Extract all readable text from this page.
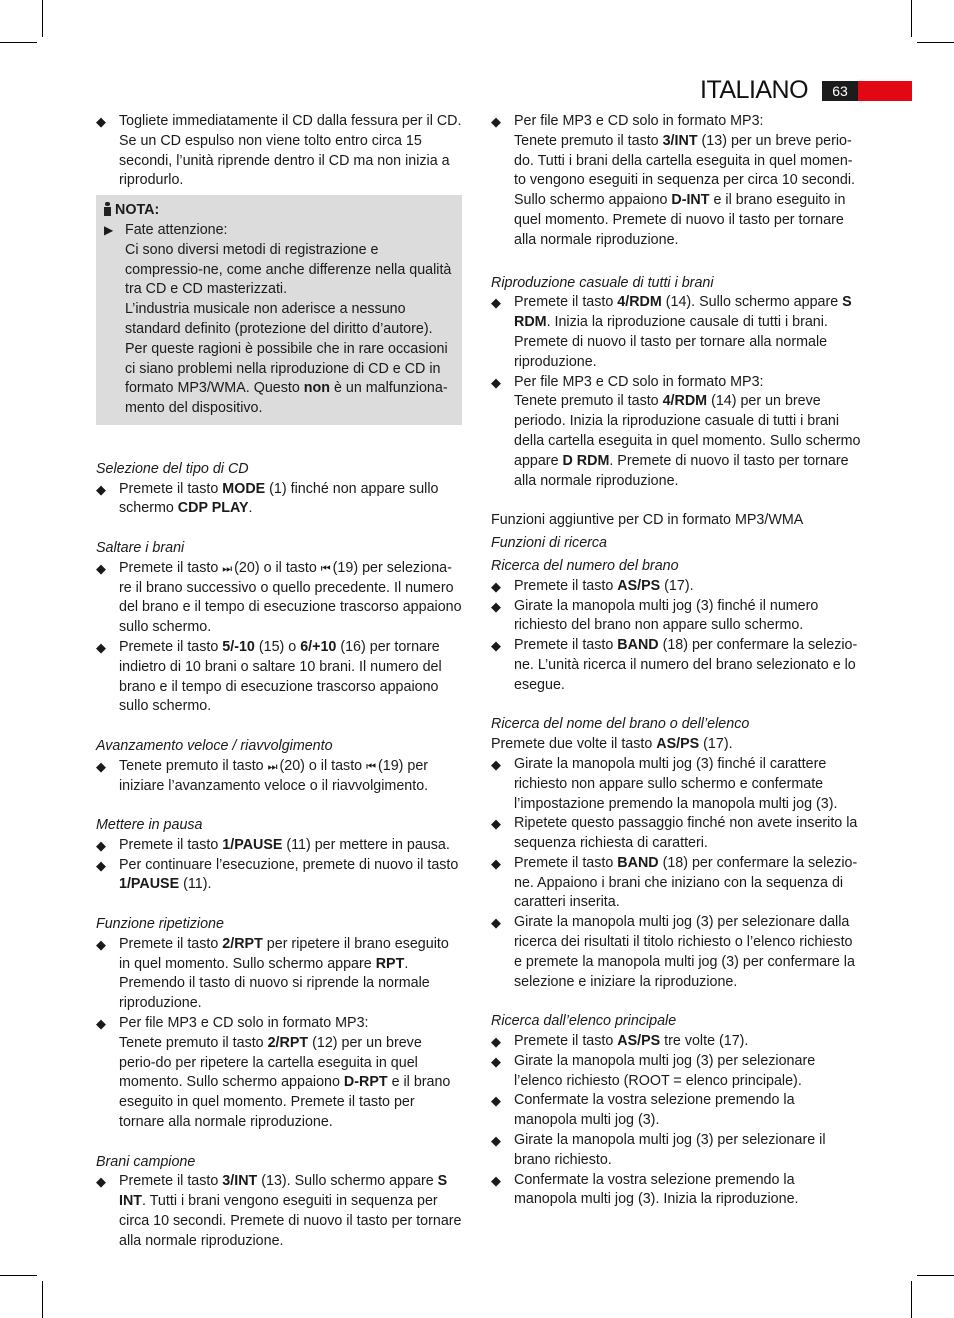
ITALIANO	63
◆ Togliete immediatamente il CD dalla fessura per il CD. Se un CD espulso non viene tolto entro circa 15 secondi, l’unità riprende dentro il CD ma non inizia a riprodurlo.
NOTA:
▶ Fate attenzione:
Ci sono diversi metodi di registrazione e compressio-ne, come anche differenze nella qualità tra CD e CD masterizzati.
L’industria musicale non aderisce a nessuno standard definito (protezione del diritto d’autore).
Per queste ragioni è possibile che in rare occasioni ci siano problemi nella riproduzione di CD e CD in formato MP3/WMA. Questo non è un malfunziona-mento del dispositivo.
Selezione del tipo di CD
◆ Premete il tasto MODE (1) finché non appare sullo schermo CDP PLAY.
Saltare i brani
◆ Premete il tasto ⏭ (20) o il tasto ⏮ (19) per seleziona-re il brano successivo o quello precedente. Il numero del brano e il tempo di esecuzione trascorso appaiono sullo schermo.
◆ Premete il tasto 5/-10 (15) o 6/+10 (16) per tornare indietro di 10 brani o saltare 10 brani. Il numero del brano e il tempo di esecuzione trascorso appaiono sullo schermo.
Avanzamento veloce / riavvolgimento
◆ Tenete premuto il tasto ⏭ (20) o il tasto ⏮ (19) per iniziare l’avanzamento veloce o il riavvolgimento.
Mettere in pausa
◆ Premete il tasto 1/PAUSE (11) per mettere in pausa.
◆ Per continuare l’esecuzione, premete di nuovo il tasto 1/PAUSE (11).
Funzione ripetizione
◆ Premete il tasto 2/RPT per ripetere il brano eseguito in quel momento. Sullo schermo appare RPT. Premendo il tasto di nuovo si riprende la normale riproduzione.
◆ Per file MP3 e CD solo in formato MP3:
Tenete premuto il tasto 2/RPT (12) per un breve perio-do per ripetere la cartella eseguita in quel momento. Sullo schermo appaiono D-RPT e il brano eseguito in quel momento. Premete il tasto per tornare alla normale riproduzione.
Brani campione
◆ Premete il tasto 3/INT (13). Sullo schermo appare S INT. Tutti i brani vengono eseguiti in sequenza per circa 10 secondi. Premete di nuovo il tasto per tornare alla normale riproduzione.
◆ Per file MP3 e CD solo in formato MP3:
Tenete premuto il tasto 3/INT (13) per un breve perio-do. Tutti i brani della cartella eseguita in quel momen-to vengono eseguiti in sequenza per circa 10 secondi. Sullo schermo appaiono D-INT e il brano eseguito in quel momento. Premete di nuovo il tasto per tornare alla normale riproduzione.
Riproduzione casuale di tutti i brani
◆ Premete il tasto 4/RDM (14). Sullo schermo appare S RDM. Inizia la riproduzione causale di tutti i brani. Premete di nuovo il tasto per tornare alla normale riproduzione.
◆ Per file MP3 e CD solo in formato MP3:
Tenete premuto il tasto 4/RDM (14) per un breve periodo. Inizia la riproduzione casuale di tutti i brani della cartella eseguita in quel momento. Sullo schermo appare D RDM. Premete di nuovo il tasto per tornare alla normale riproduzione.
Funzioni aggiuntive per CD in formato MP3/WMA
Funzioni di ricerca
Ricerca del numero del brano
◆ Premete il tasto AS/PS (17).
◆ Girate la manopola multi jog (3) finché il numero richiesto del brano non appare sullo schermo.
◆ Premete il tasto BAND (18) per confermare la selezio-ne. L’unità ricerca il numero del brano selezionato e lo esegue.
Ricerca del nome del brano o dell’elenco
Premete due volte il tasto AS/PS (17).
◆ Girate la manopola multi jog (3) finché il carattere richiesto non appare sullo schermo e confermate l’impostazione premendo la manopola multi jog (3).
◆ Ripetete questo passaggio finché non avete inserito la sequenza richiesta di caratteri.
◆ Premete il tasto BAND (18) per confermare la selezio-ne. Appaiono i brani che iniziano con la sequenza di caratteri inserita.
◆ Girate la manopola multi jog (3) per selezionare dalla ricerca dei risultati il titolo richiesto o l’elenco richiesto e premete la manopola multi jog (3) per confermare la selezione e iniziare la riproduzione.
Ricerca dall’elenco principale
◆ Premete il tasto AS/PS tre volte (17).
◆ Girate la manopola multi jog (3) per selezionare l’elenco richiesto (ROOT = elenco principale).
◆ Confermate la vostra selezione premendo la manopola multi jog (3).
◆ Girate la manopola multi jog (3) per selezionare il brano richiesto.
◆ Confermate la vostra selezione premendo la manopola multi jog (3). Inizia la riproduzione.
